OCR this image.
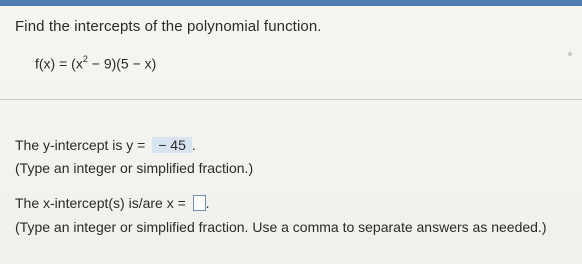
Find the intercepts of the polynomial function.
$f(x) = (x^2 - 9)(5 - x)$
The y-intercept is y = − 45 .
(Type an integer or simplified fraction.)
The x-intercept(s) is/are x = .
(Type an integer or simplified fraction. Use a comma to separate answers as needed.)
